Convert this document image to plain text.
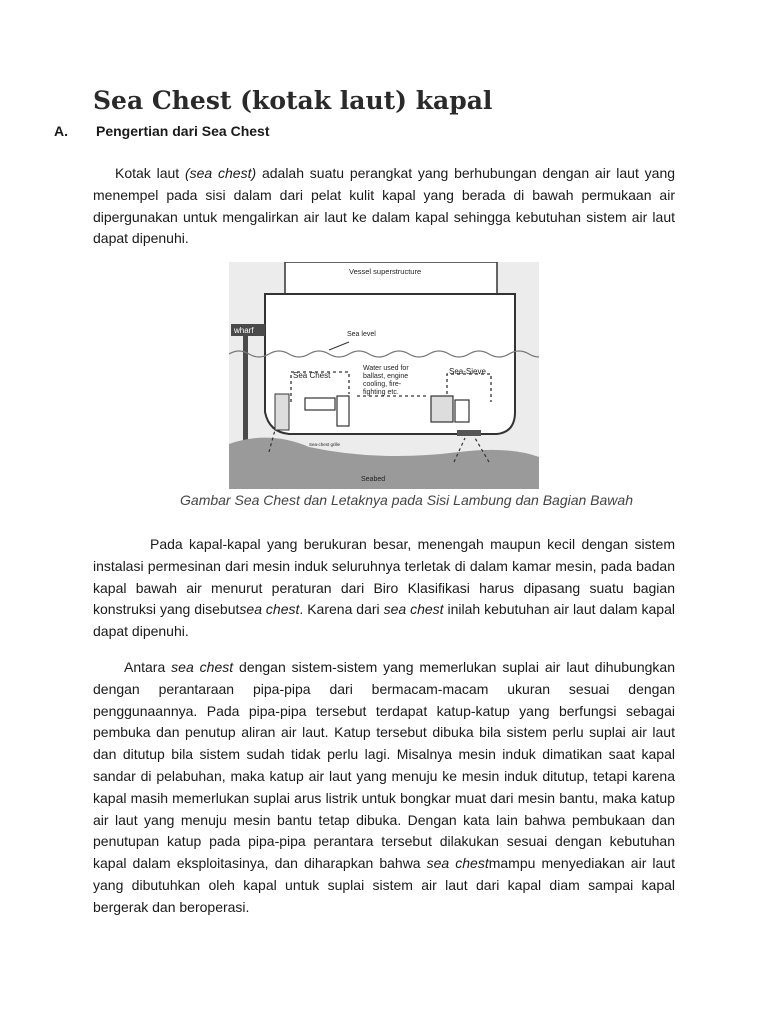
Sea Chest (kotak laut) kapal
A. Pengertian dari Sea Chest

Kotak laut (sea chest) adalah suatu perangkat yang berhubungan dengan air laut yang menempel pada sisi dalam dari pelat kulit kapal yang berada di bawah permukaan air dipergunakan untuk mengalirkan air laut ke dalam kapal sehingga kebutuhan sistem air laut dapat dipenuhi.

Vessel superstructure
wharf	Sea level
Sea Chest
Water used for
ballast, engine
cooling, fire-
fighting etc.
Sea-Sieve
Sea-chest grille
Seabed
Gambar Sea Chest dan Letaknya pada Sisi Lambung dan Bagian Bawah

Pada kapal-kapal yang berukuran besar, menengah maupun kecil dengan sistem instalasi permesinan dari mesin induk seluruhnya terletak di dalam kamar mesin, pada badan kapal bawah air menurut peraturan dari Biro Klasifikasi harus dipasang suatu bagian konstruksi yang disebutsea chest. Karena dari sea chest inilah kebutuhan air laut dalam kapal dapat dipenuhi.

Antara sea chest dengan sistem-sistem yang memerlukan suplai air laut dihubungkan dengan perantaraan pipa-pipa dari bermacam-macam ukuran sesuai dengan penggunaannya. Pada pipa-pipa tersebut terdapat katup-katup yang berfungsi sebagai pembuka dan penutup aliran air laut. Katup tersebut dibuka bila sistem perlu suplai air laut dan ditutup bila sistem sudah tidak perlu lagi. Misalnya mesin induk dimatikan saat kapal sandar di pelabuhan, maka katup air laut yang menuju ke mesin induk ditutup, tetapi karena kapal masih memerlukan suplai arus listrik untuk bongkar muat dari mesin bantu, maka katup air laut yang menuju mesin bantu tetap dibuka. Dengan kata lain bahwa pembukaan dan penutupan katup pada pipa-pipa perantara tersebut dilakukan sesuai dengan kebutuhan kapal dalam eksploitasinya, dan diharapkan bahwa sea chestmampu menyediakan air laut yang dibutuhkan oleh kapal untuk suplai sistem air laut dari kapal diam sampai kapal bergerak dan beroperasi.
